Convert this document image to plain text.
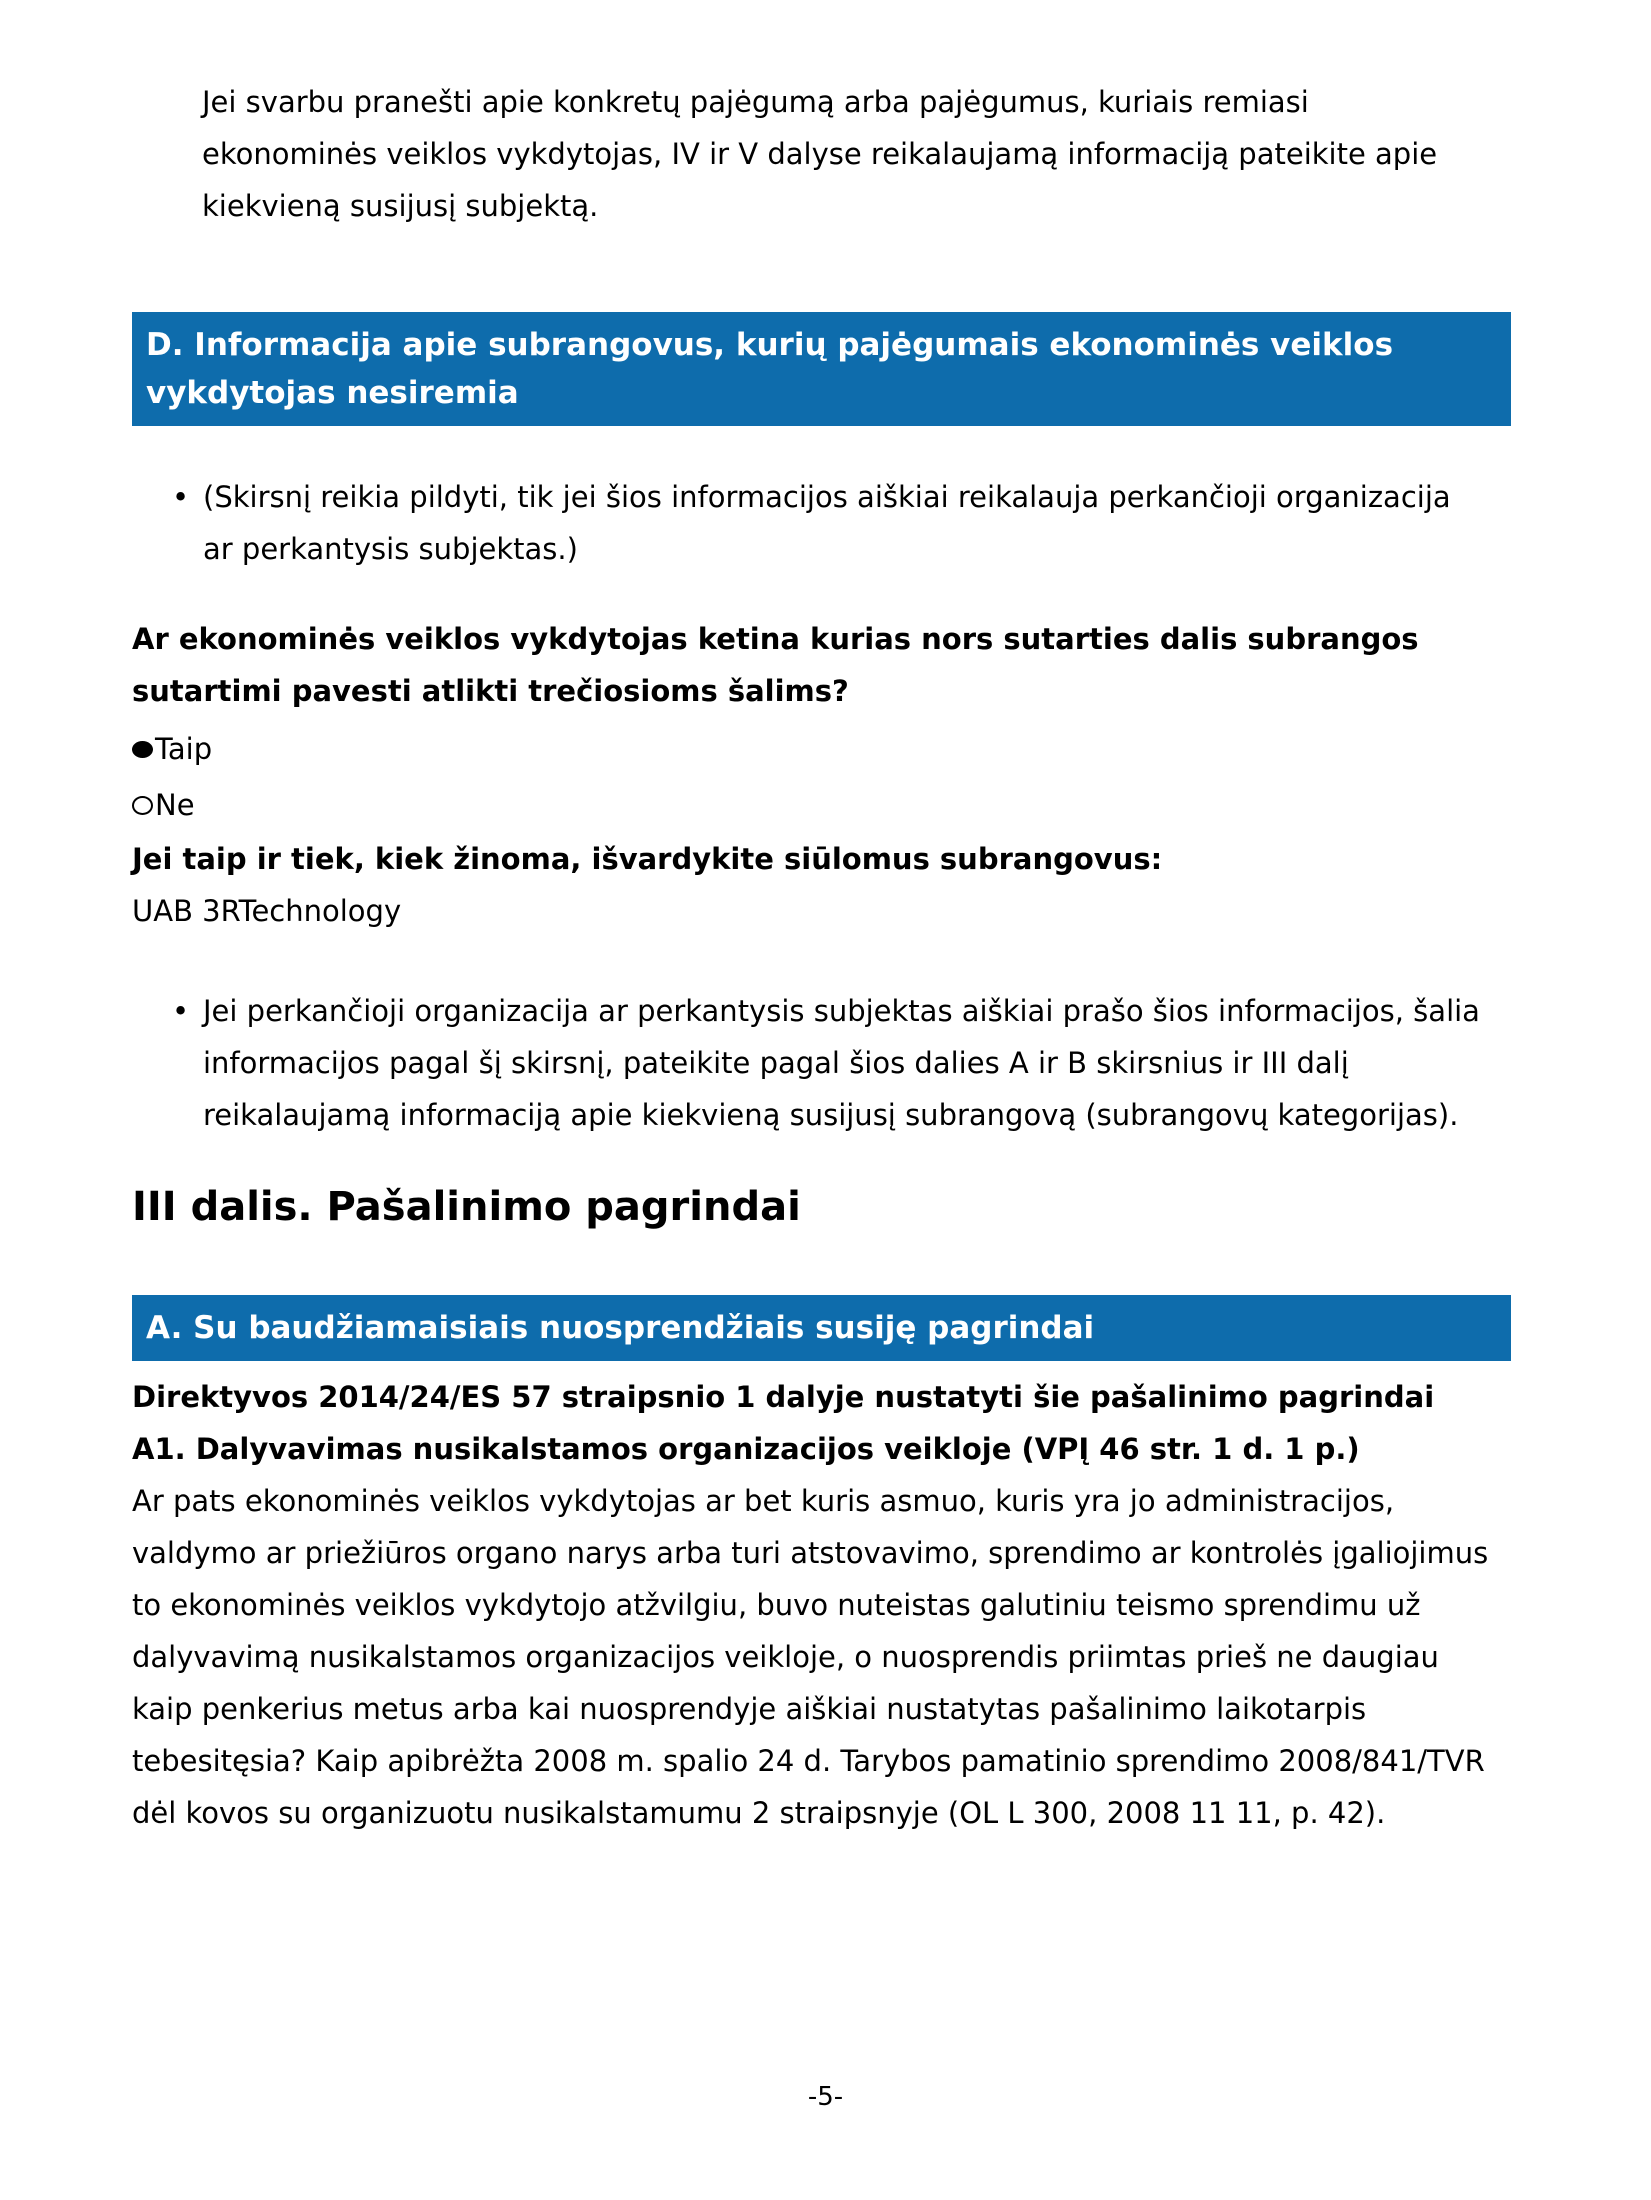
Jei svarbu pranešti apie konkretų pajėgumą arba pajėgumus, kuriais remiasi ekonominės veiklos vykdytojas, IV ir V dalyse reikalaujamą informaciją pateikite apie kiekvieną susijusį subjektą.

D. Informacija apie subrangovus, kurių pajėgumais ekonominės veiklos vykdytojas nesiremia
• (Skirsnį reikia pildyti, tik jei šios informacijos aiškiai reikalauja perkančioji organizacija ar perkantysis subjektas.)

Ar ekonominės veiklos vykdytojas ketina kurias nors sutarties dalis subrangos sutartimi pavesti atlikti trečiosioms šalims?

Taip
Ne

Jei taip ir tiek, kiek žinoma, išvardykite siūlomus subrangovus:

UAB 3RTechnology

• Jei perkančioji organizacija ar perkantysis subjektas aiškiai prašo šios informacijos, šalia informacijos pagal šį skirsnį, pateikite pagal šios dalies A ir B skirsnius ir III dalį reikalaujamą informaciją apie kiekvieną susijusį subrangovą (subrangovų kategorijas).
III dalis. Pašalinimo pagrindai
A. Su baudžiamaisiais nuosprendžiais susiję pagrindai

Direktyvos 2014/24/ES 57 straipsnio 1 dalyje nustatyti šie pašalinimo pagrindai

A1. Dalyvavimas nusikalstamos organizacijos veikloje (VPĮ 46 str. 1 d. 1 p.)

Ar pats ekonominės veiklos vykdytojas ar bet kuris asmuo, kuris yra jo administracijos, valdymo ar priežiūros organo narys arba turi atstovavimo, sprendimo ar kontrolės įgaliojimus to ekonominės veiklos vykdytojo atžvilgiu, buvo nuteistas galutiniu teismo sprendimu už dalyvavimą nusikalstamos organizacijos veikloje, o nuosprendis priimtas prieš ne daugiau kaip penkerius metus arba kai nuosprendyje aiškiai nustatytas pašalinimo laikotarpis tebesitęsia? Kaip apibrėžta 2008 m. spalio 24 d. Tarybos pamatinio sprendimo 2008/841/TVR dėl kovos su organizuotu nusikalstamumu 2 straipsnyje (OL L 300, 2008 11 11, p. 42).

-5-
